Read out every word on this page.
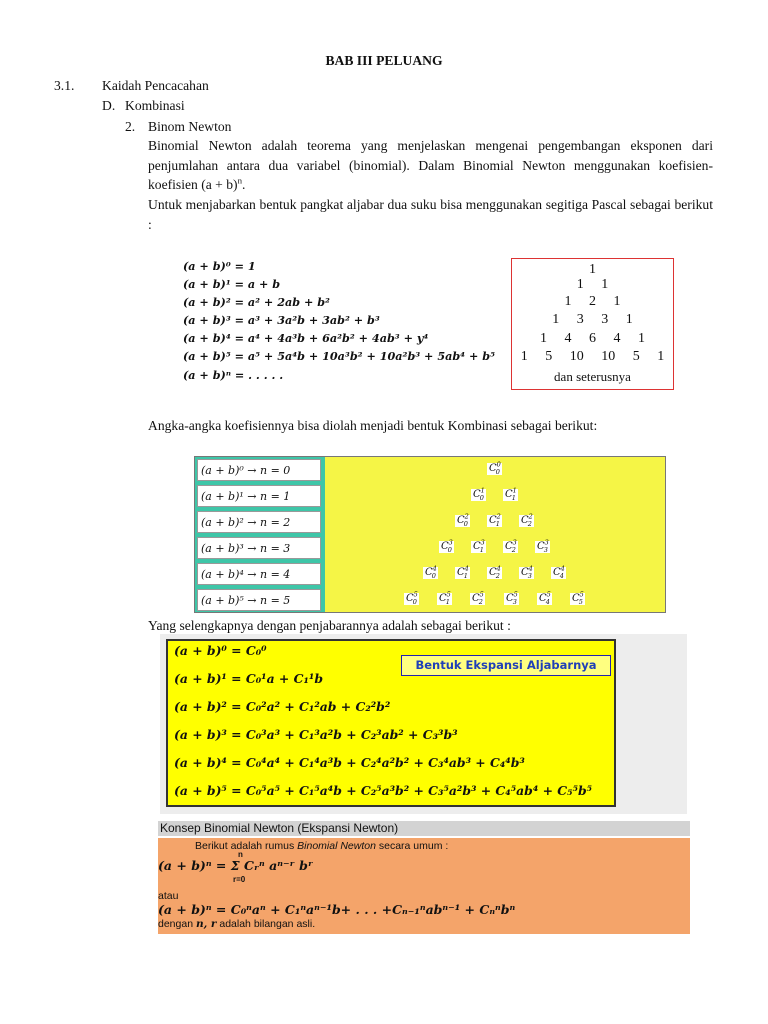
BAB III PELUANG
3.1. Kaidah Pencacahan
D. Kombinasi
2. Binom Newton
Binomial Newton adalah teorema yang menjelaskan mengenai pengembangan eksponen dari penjumlahan antara dua variabel (binomial). Dalam Binomial Newton menggunakan koefisien-koefisien $(a + b)^n$.
Untuk menjabarkan bentuk pangkat aljabar dua suku bisa menggunakan segitiga Pascal sebagai berikut :
(a + b)⁰ = 1
(a + b)¹ = a + b
(a + b)² = a² + 2ab + b²
(a + b)³ = a³ + 3a²b + 3ab² + b³
(a + b)⁴ = a⁴ + 4a³b + 6a²b² + 4ab³ + y⁴
(a + b)⁵ = a⁵ + 5a⁴b + 10a³b² + 10a²b³ + 5ab⁴ + b⁵
(a + b)ⁿ = . . . . .
1
1     1
1     2     1
1     3     3     1
1     4     6     4     1
1     5     10     10     5     1
dan seterusnya
Angka-angka koefisiennya bisa diolah menjadi bentuk Kombinasi sebagai berikut:
(a + b)⁰ → n = 0
(a + b)¹ → n = 1
(a + b)² → n = 2
(a + b)³ → n = 3
(a + b)⁴ → n = 4
(a + b)⁵ → n = 5
$C^0_0$
$C^1_0$ $C^1_1$
$C^2_0$ $C^2_1$ $C^2_2$
$C^3_0$ $C^3_1$ $C^3_2$ $C^3_3$
$C^4_0$ $C^4_1$ $C^4_2$ $C^4_3$ $C^4_4$
$C^5_0$ $C^5_1$ $C^5_2$ $C^5_3$ $C^5_4$ $C^5_5$
Yang selengkapnya dengan penjabarannya adalah sebagai berikut :
Bentuk Ekspansi Aljabarnya
(a + b)⁰ = C₀⁰
(a + b)¹ = C₀¹a + C₁¹b
(a + b)² = C₀²a² + C₁²ab + C₂²b²
(a + b)³ = C₀³a³ + C₁³a²b + C₂³ab² + C₃³b³
(a + b)⁴ = C₀⁴a⁴ + C₁⁴a³b + C₂⁴a²b² + C₃⁴ab³ + C₄⁴b³
(a + b)⁵ = C₀⁵a⁵ + C₁⁵a⁴b + C₂⁵a³b² + C₃⁵a²b³ + C₄⁵ab⁴ + C₅⁵b⁵
Konsep Binomial Newton (Ekspansi Newton)
Berikut adalah rumus Binomial Newton secara umum :
(a + b)ⁿ = Σ Cᵣⁿ aⁿ⁻ʳ bʳ
n
r=0
atau
(a + b)ⁿ = C₀ⁿaⁿ + C₁ⁿaⁿ⁻¹b+ . . . +Cₙ₋₁ⁿabⁿ⁻¹ + Cₙⁿbⁿ
dengan n, r adalah bilangan asli.
